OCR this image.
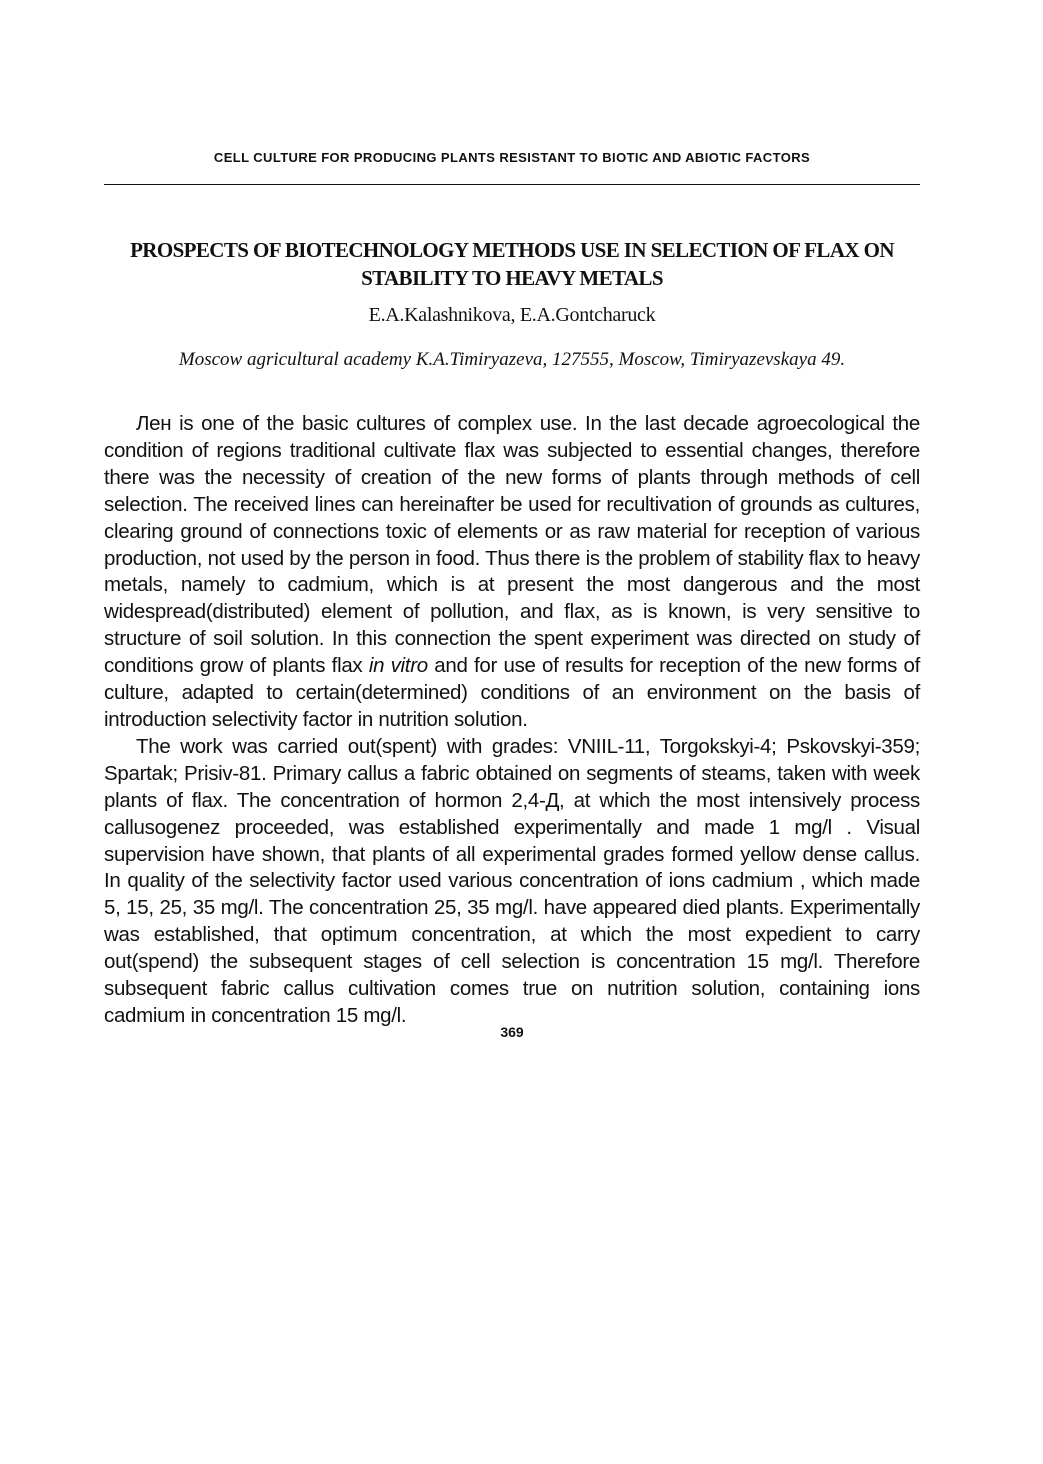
CELL CULTURE FOR PRODUCING PLANTS RESISTANT TO BIOTIC AND ABIOTIC FACTORS
PROSPECTS OF BIOTECHNOLOGY METHODS USE IN SELECTION OF FLAX ON STABILITY TO HEAVY METALS
E.A.Kalashnikova, E.A.Gontcharuck
Moscow agricultural academy K.A.Timiryazeva, 127555, Moscow, Timiryazevskaya 49.

Лен is one of the basic cultures of complex use. In the last decade agroecological the condition of regions traditional cultivate flax was subjected to essential changes, therefore there was the necessity of creation of the new forms of plants through methods of cell selection. The received lines can hereinafter be used for recultivation of grounds as cultures, clearing ground of connections toxic of elements or as raw material for reception of various production, not used by the person in food. Thus there is the problem of stability flax to heavy metals, namely to cadmium, which is at present the most dangerous and the most widespread(distributed) element of pollution, and flax, as is known, is very sensitive to structure of soil solution. In this connection the spent experiment was directed on study of conditions grow of plants flax in vitro and for use of results for reception of the new forms of culture, adapted to certain(determined) conditions of an environment on the basis of introduction selectivity factor in nutrition solution.

The work was carried out(spent) with grades: VNIIL-11, Torgokskyi-4; Pskovskyi-359; Spartak; Prisiv-81. Primary callus a fabric obtained on segments of steams, taken with week plants of flax. The concentration of hormon 2,4-Д, at which the most intensively process callusogenez proceeded, was established experimentally and made 1 mg/l . Visual supervision have shown, that plants of all experimental grades formed yellow dense callus. In quality of the selectivity factor used various concentration of ions cadmium , which made 5, 15, 25, 35 mg/l. The concentration 25, 35 mg/l. have appeared died plants. Experimentally was established, that optimum concentration, at which the most expedient to carry out(spend) the subsequent stages of cell selection is concentration 15 mg/l. Therefore subsequent fabric callus cultivation comes true on nutrition solution, containing ions cadmium in concentration 15 mg/l.

369
